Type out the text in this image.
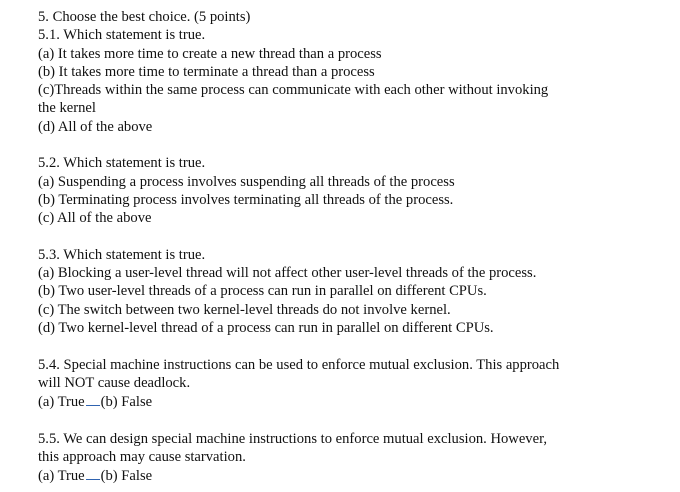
5. Choose the best choice. (5 points)
5.1. Which statement is true.
(a) It takes more time to create a new thread than a process
(b) It takes more time to terminate a thread than a process
(c)Threads within the same process can communicate with each other without invoking
the kernel
(d) All of the above
5.2. Which statement is true.
(a) Suspending a process involves suspending all threads of the process
(b) Terminating process involves terminating all threads of the process.
(c) All of the above
5.3. Which statement is true.
(a) Blocking a user-level thread will not affect other user-level threads of the process.
(b) Two user-level threads of a process can run in parallel on different CPUs.
(c) The switch between two kernel-level threads do not involve kernel.
(d) Two kernel-level thread of a process can run in parallel on different CPUs.
5.4. Special machine instructions can be used to enforce mutual exclusion. This approach
will NOT cause deadlock.
(a) True (b) False
5.5. We can design special machine instructions to enforce mutual exclusion. However,
this approach may cause starvation.
(a) True (b) False
